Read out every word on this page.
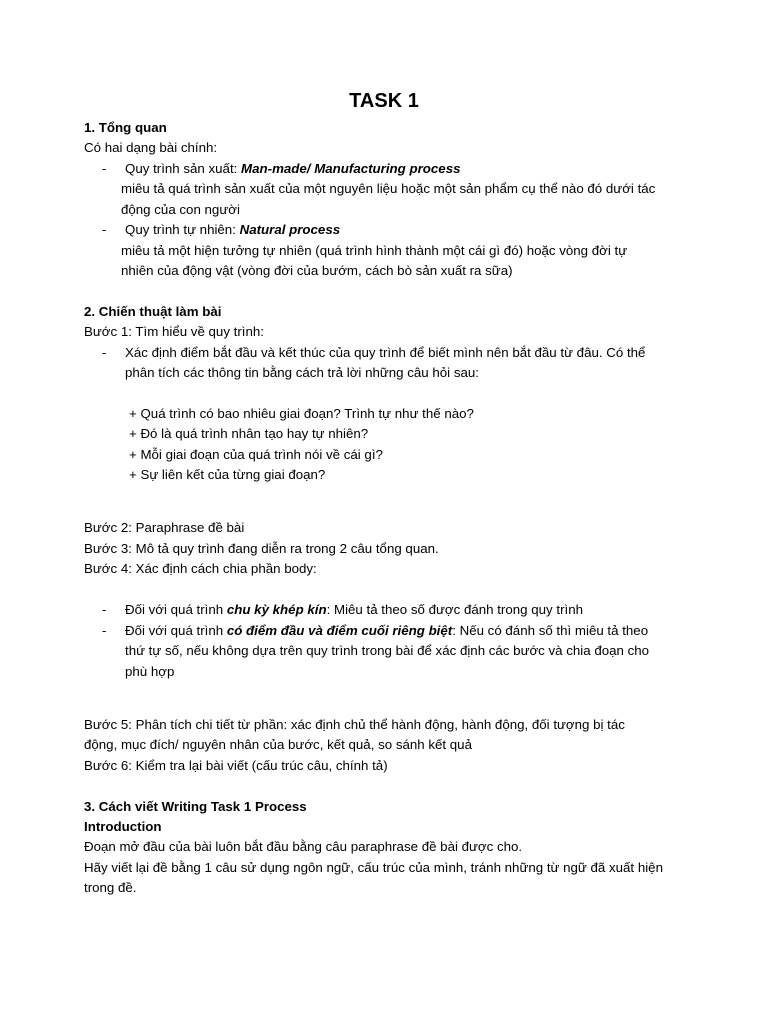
TASK 1
1. Tổng quan
Có hai dạng bài chính:
- Quy trình sản xuất: Man-made/ Manufacturing process
miêu tả quá trình sản xuất của một nguyên liệu hoặc một sản phẩm cụ thể nào đó dưới tác
động của con người
- Quy trình tự nhiên: Natural process
miêu tả một hiện tưởng tự nhiên (quá trình hình thành một cái gì đó) hoặc vòng đời tự
nhiên của động vật (vòng đời của bướm, cách bò sản xuất ra sữa)
2. Chiến thuật làm bài
Bước 1: Tìm hiểu về quy trình:
- Xác định điểm bắt đầu và kết thúc của quy trình để biết mình nên bắt đầu từ đâu. Có thể
phân tích các thông tin bằng cách trả lời những câu hỏi sau:
+ Quá trình có bao nhiêu giai đoạn? Trình tự như thế nào?
+ Đó là quá trình nhân tạo hay tự nhiên?
+ Mỗi giai đoạn của quá trình nói về cái gì?
+ Sự liên kết của từng giai đoạn?
Bước 2: Paraphrase đề bài
Bước 3: Mô tả quy trình đang diễn ra trong 2 câu tổng quan.
Bước 4: Xác định cách chia phần body:
- Đối với quá trình chu kỳ khép kín: Miêu tả theo số được đánh trong quy trình
- Đối với quá trình có điểm đầu và điểm cuối riêng biệt: Nếu có đánh số thì miêu tả theo
thứ tự số, nếu không dựa trên quy trình trong bài để xác định các bước và chia đoạn cho
phù hợp
Bước 5: Phân tích chi tiết từ phần: xác định chủ thể hành động, hành động, đối tượng bị tác
động, mục đích/ nguyên nhân của bước, kết quả, so sánh kết quả
Bước 6: Kiểm tra lại bài viết (cấu trúc câu, chính tả)
3. Cách viết Writing Task 1 Process
Introduction
Đoạn mở đầu của bài luôn bắt đầu bằng câu paraphrase đề bài được cho.
Hãy viết lại đề bằng 1 câu sử dụng ngôn ngữ, cấu trúc của mình, tránh những từ ngữ đã xuất hiện
trong đề.
